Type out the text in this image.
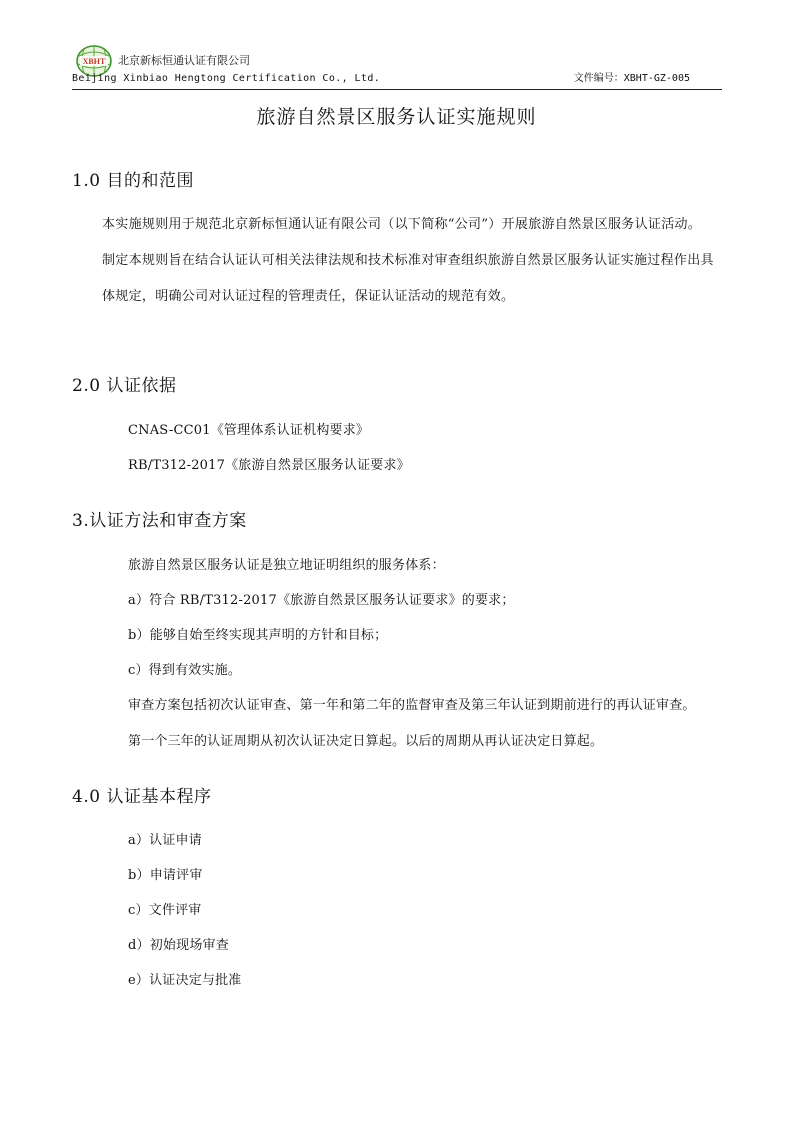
XBHT 北京新标恒通认证有限公司
Beijing Xinbiao Hengtong Certification Co., Ltd.	文件编号：XBHT-GZ-005
旅游自然景区服务认证实施规则
1.0 目的和范围

本实施规则用于规范北京新标恒通认证有限公司（以下简称“公司”）开展旅游自然景区服务认证活动。

制定本规则旨在结合认证认可相关法律法规和技术标准对审查组织旅游自然景区服务认证实施过程作出具体规定，明确公司对认证过程的管理责任，保证认证活动的规范有效。

2.0 认证依据
CNAS-CC01《管理体系认证机构要求》
RB/T312-2017《旅游自然景区服务认证要求》
3.认证方法和审查方案
旅游自然景区服务认证是独立地证明组织的服务体系：
a）符合 RB/T312-2017《旅游自然景区服务认证要求》的要求；
b）能够自始至终实现其声明的方针和目标；
c）得到有效实施。
审查方案包括初次认证审查、第一年和第二年的监督审查及第三年认证到期前进行的再认证审查。
第一个三年的认证周期从初次认证决定日算起。以后的周期从再认证决定日算起。
4.0 认证基本程序
a）认证申请
b）申请评审
c）文件评审
d）初始现场审查
e）认证决定与批准
